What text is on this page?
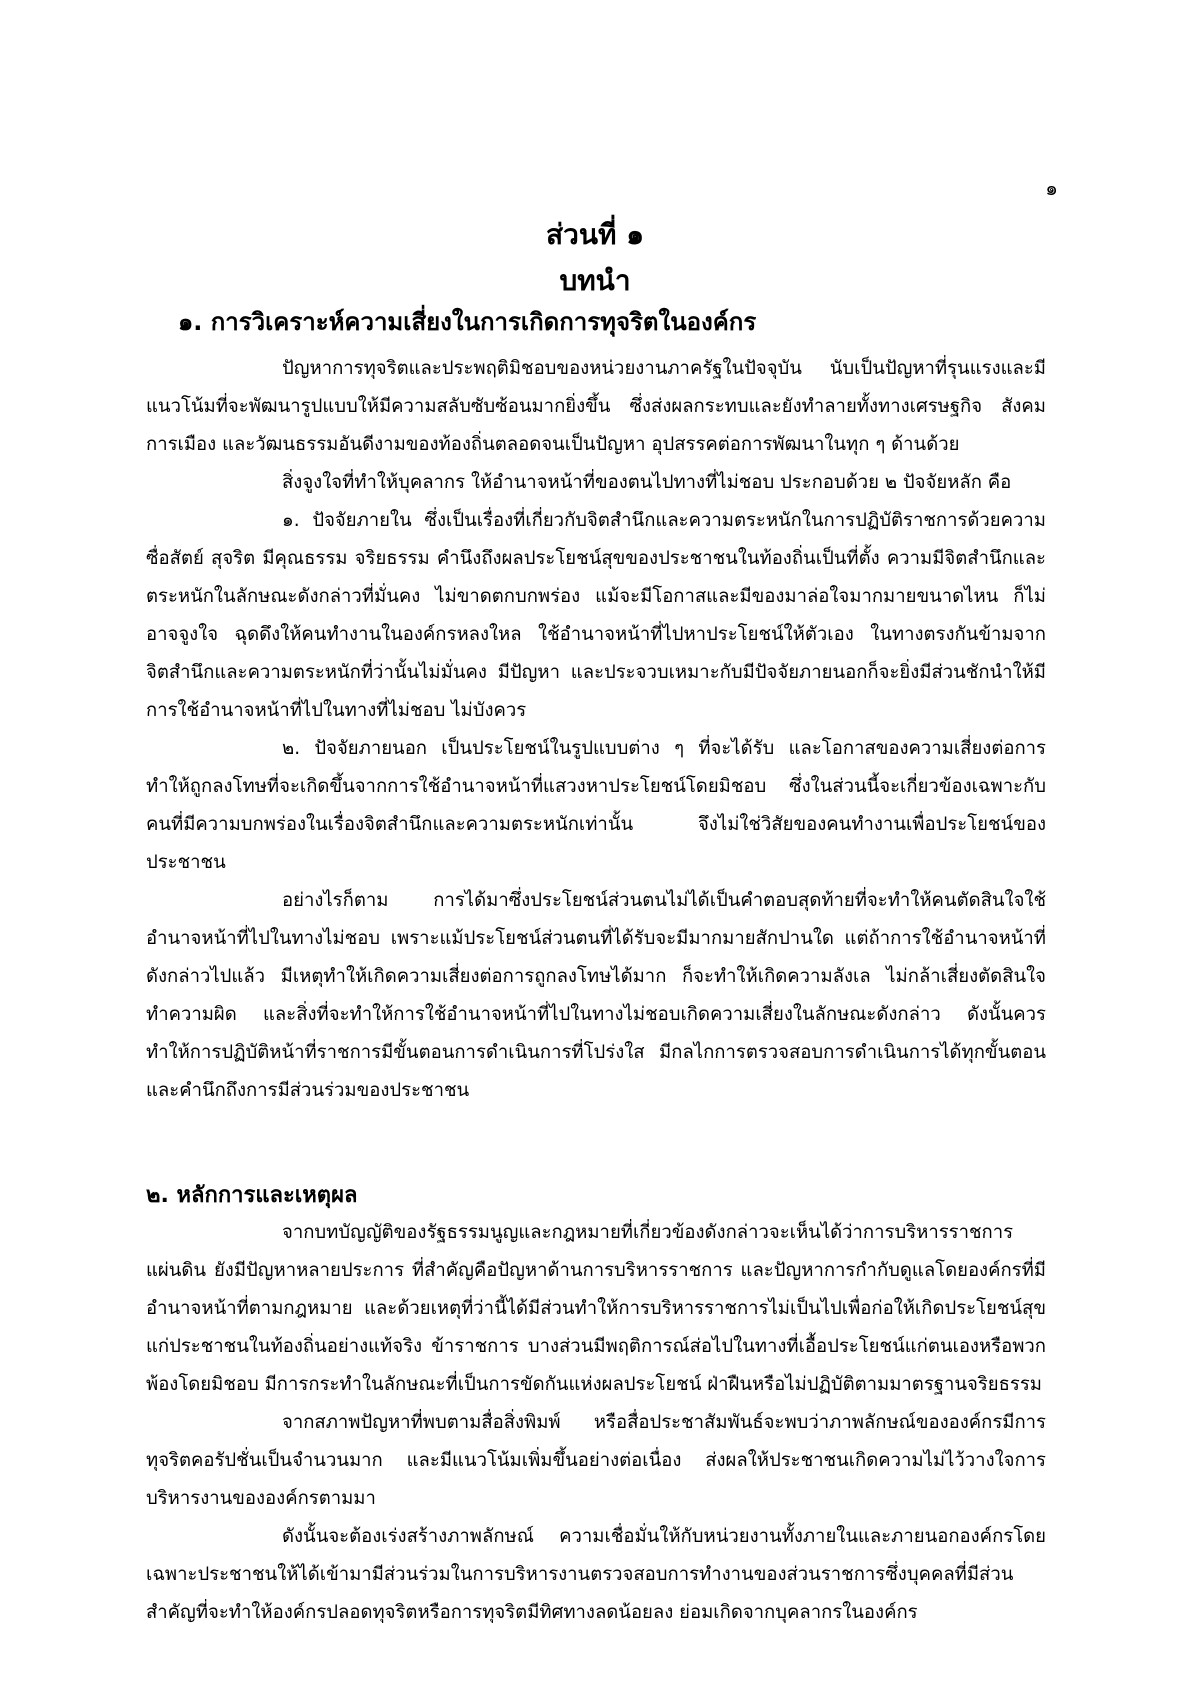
๑

ส่วนที่ ๑

บทนำ

๑. การวิเคราะห์ความเสี่ยงในการเกิดการทุจริตในองค์กร

ปัญหาการทุจริตและประพฤติมิชอบของหน่วยงานภาครัฐในปัจจุบัน นับเป็นปัญหาที่รุนแรงและมีแนวโน้มที่จะพัฒนารูปแบบให้มีความสลับซับซ้อนมากยิ่งขึ้น ซึ่งส่งผลกระทบและยังทำลายทั้งทางเศรษฐกิจ สังคม การเมือง และวัฒนธรรมอันดีงามของท้องถิ่นตลอดจนเป็นปัญหา อุปสรรคต่อการพัฒนาในทุก ๆ ด้านด้วย

สิ่งจูงใจที่ทำให้บุคลากร ให้อำนาจหน้าที่ของตนไปทางที่ไม่ชอบ ประกอบด้วย ๒ ปัจจัยหลัก คือ

๑. ปัจจัยภายใน ซึ่งเป็นเรื่องที่เกี่ยวกับจิตสำนึกและความตระหนักในการปฏิบัติราชการด้วยความซื่อสัตย์ สุจริต มีคุณธรรม จริยธรรม คำนึงถึงผลประโยชน์สุขของประชาชนในท้องถิ่นเป็นที่ตั้ง ความมีจิตสำนึกและตระหนักในลักษณะดังกล่าวที่มั่นคง ไม่ขาดตกบกพร่อง แม้จะมีโอกาสและมีของมาล่อใจมากมายขนาดไหน ก็ไม่อาจจูงใจ ฉุดดึงให้คนทำงานในองค์กรหลงใหล ใช้อำนาจหน้าที่ไปหาประโยชน์ให้ตัวเอง ในทางตรงกันข้ามจากจิตสำนึกและความตระหนักที่ว่านั้นไม่มั่นคง มีปัญหา และประจวบเหมาะกับมีปัจจัยภายนอกก็จะยิ่งมีส่วนชักนำให้มีการใช้อำนาจหน้าที่ไปในทางที่ไม่ชอบ ไม่บังควร

๒. ปัจจัยภายนอก เป็นประโยชน์ในรูปแบบต่าง ๆ ที่จะได้รับ และโอกาสของความเสี่ยงต่อการทำให้ถูกลงโทษที่จะเกิดขึ้นจากการใช้อำนาจหน้าที่แสวงหาประโยชน์โดยมิชอบ ซึ่งในส่วนนี้จะเกี่ยวข้องเฉพาะกับคนที่มีความบกพร่องในเรื่องจิตสำนึกและความตระหนักเท่านั้น จึงไม่ใช่วิสัยของคนทำงานเพื่อประโยชน์ของประชาชน

อย่างไรก็ตาม การได้มาซึ่งประโยชน์ส่วนตนไม่ได้เป็นคำตอบสุดท้ายที่จะทำให้คนตัดสินใจใช้อำนาจหน้าที่ไปในทางไม่ชอบ เพราะแม้ประโยชน์ส่วนตนที่ได้รับจะมีมากมายสักปานใด แต่ถ้าการใช้อำนาจหน้าที่ดังกล่าวไปแล้ว มีเหตุทำให้เกิดความเสี่ยงต่อการถูกลงโทษได้มาก ก็จะทำให้เกิดความลังเล ไม่กล้าเสี่ยงตัดสินใจทำความผิด และสิ่งที่จะทำให้การใช้อำนาจหน้าที่ไปในทางไม่ชอบเกิดความเสี่ยงในลักษณะดังกล่าว ดังนั้นควรทำให้การปฏิบัติหน้าที่ราชการมีขั้นตอนการดำเนินการที่โปร่งใส มีกลไกการตรวจสอบการดำเนินการได้ทุกขั้นตอน และคำนึกถึงการมีส่วนร่วมของประชาชน

๒. หลักการและเหตุผล

จากบทบัญญัติของรัฐธรรมนูญและกฎหมายที่เกี่ยวข้องดังกล่าวจะเห็นได้ว่าการบริหารราชการแผ่นดิน ยังมีปัญหาหลายประการ ที่สำคัญคือปัญหาด้านการบริหารราชการ และปัญหาการกำกับดูแลโดยองค์กรที่มีอำนาจหน้าที่ตามกฎหมาย และด้วยเหตุที่ว่านี้ได้มีส่วนทำให้การบริหารราชการไม่เป็นไปเพื่อก่อให้เกิดประโยชน์สุขแก่ประชาชนในท้องถิ่นอย่างแท้จริง ข้าราชการ บางส่วนมีพฤติการณ์ส่อไปในทางที่เอื้อประโยชน์แก่ตนเองหรือพวกพ้องโดยมิชอบ มีการกระทำในลักษณะที่เป็นการขัดกันแห่งผลประโยชน์ ฝ่าฝืนหรือไม่ปฏิบัติตามมาตรฐานจริยธรรม

จากสภาพปัญหาที่พบตามสื่อสิ่งพิมพ์ หรือสื่อประชาสัมพันธ์จะพบว่าภาพลักษณ์ขององค์กรมีการทุจริตคอรัปชั่นเป็นจำนวนมาก และมีแนวโน้มเพิ่มขึ้นอย่างต่อเนื่อง ส่งผลให้ประชาชนเกิดความไม่ไว้วางใจการบริหารงานขององค์กรตามมา

ดังนั้นจะต้องเร่งสร้างภาพลักษณ์ ความเชื่อมั่นให้กับหน่วยงานทั้งภายในและภายนอกองค์กรโดยเฉพาะประชาชนให้ได้เข้ามามีส่วนร่วมในการบริหารงานตรวจสอบการทำงานของส่วนราชการซึ่งบุคคลที่มีส่วนสำคัญที่จะทำให้องค์กรปลอดทุจริตหรือการทุจริตมีทิศทางลดน้อยลง ย่อมเกิดจากบุคลากรในองค์กร
